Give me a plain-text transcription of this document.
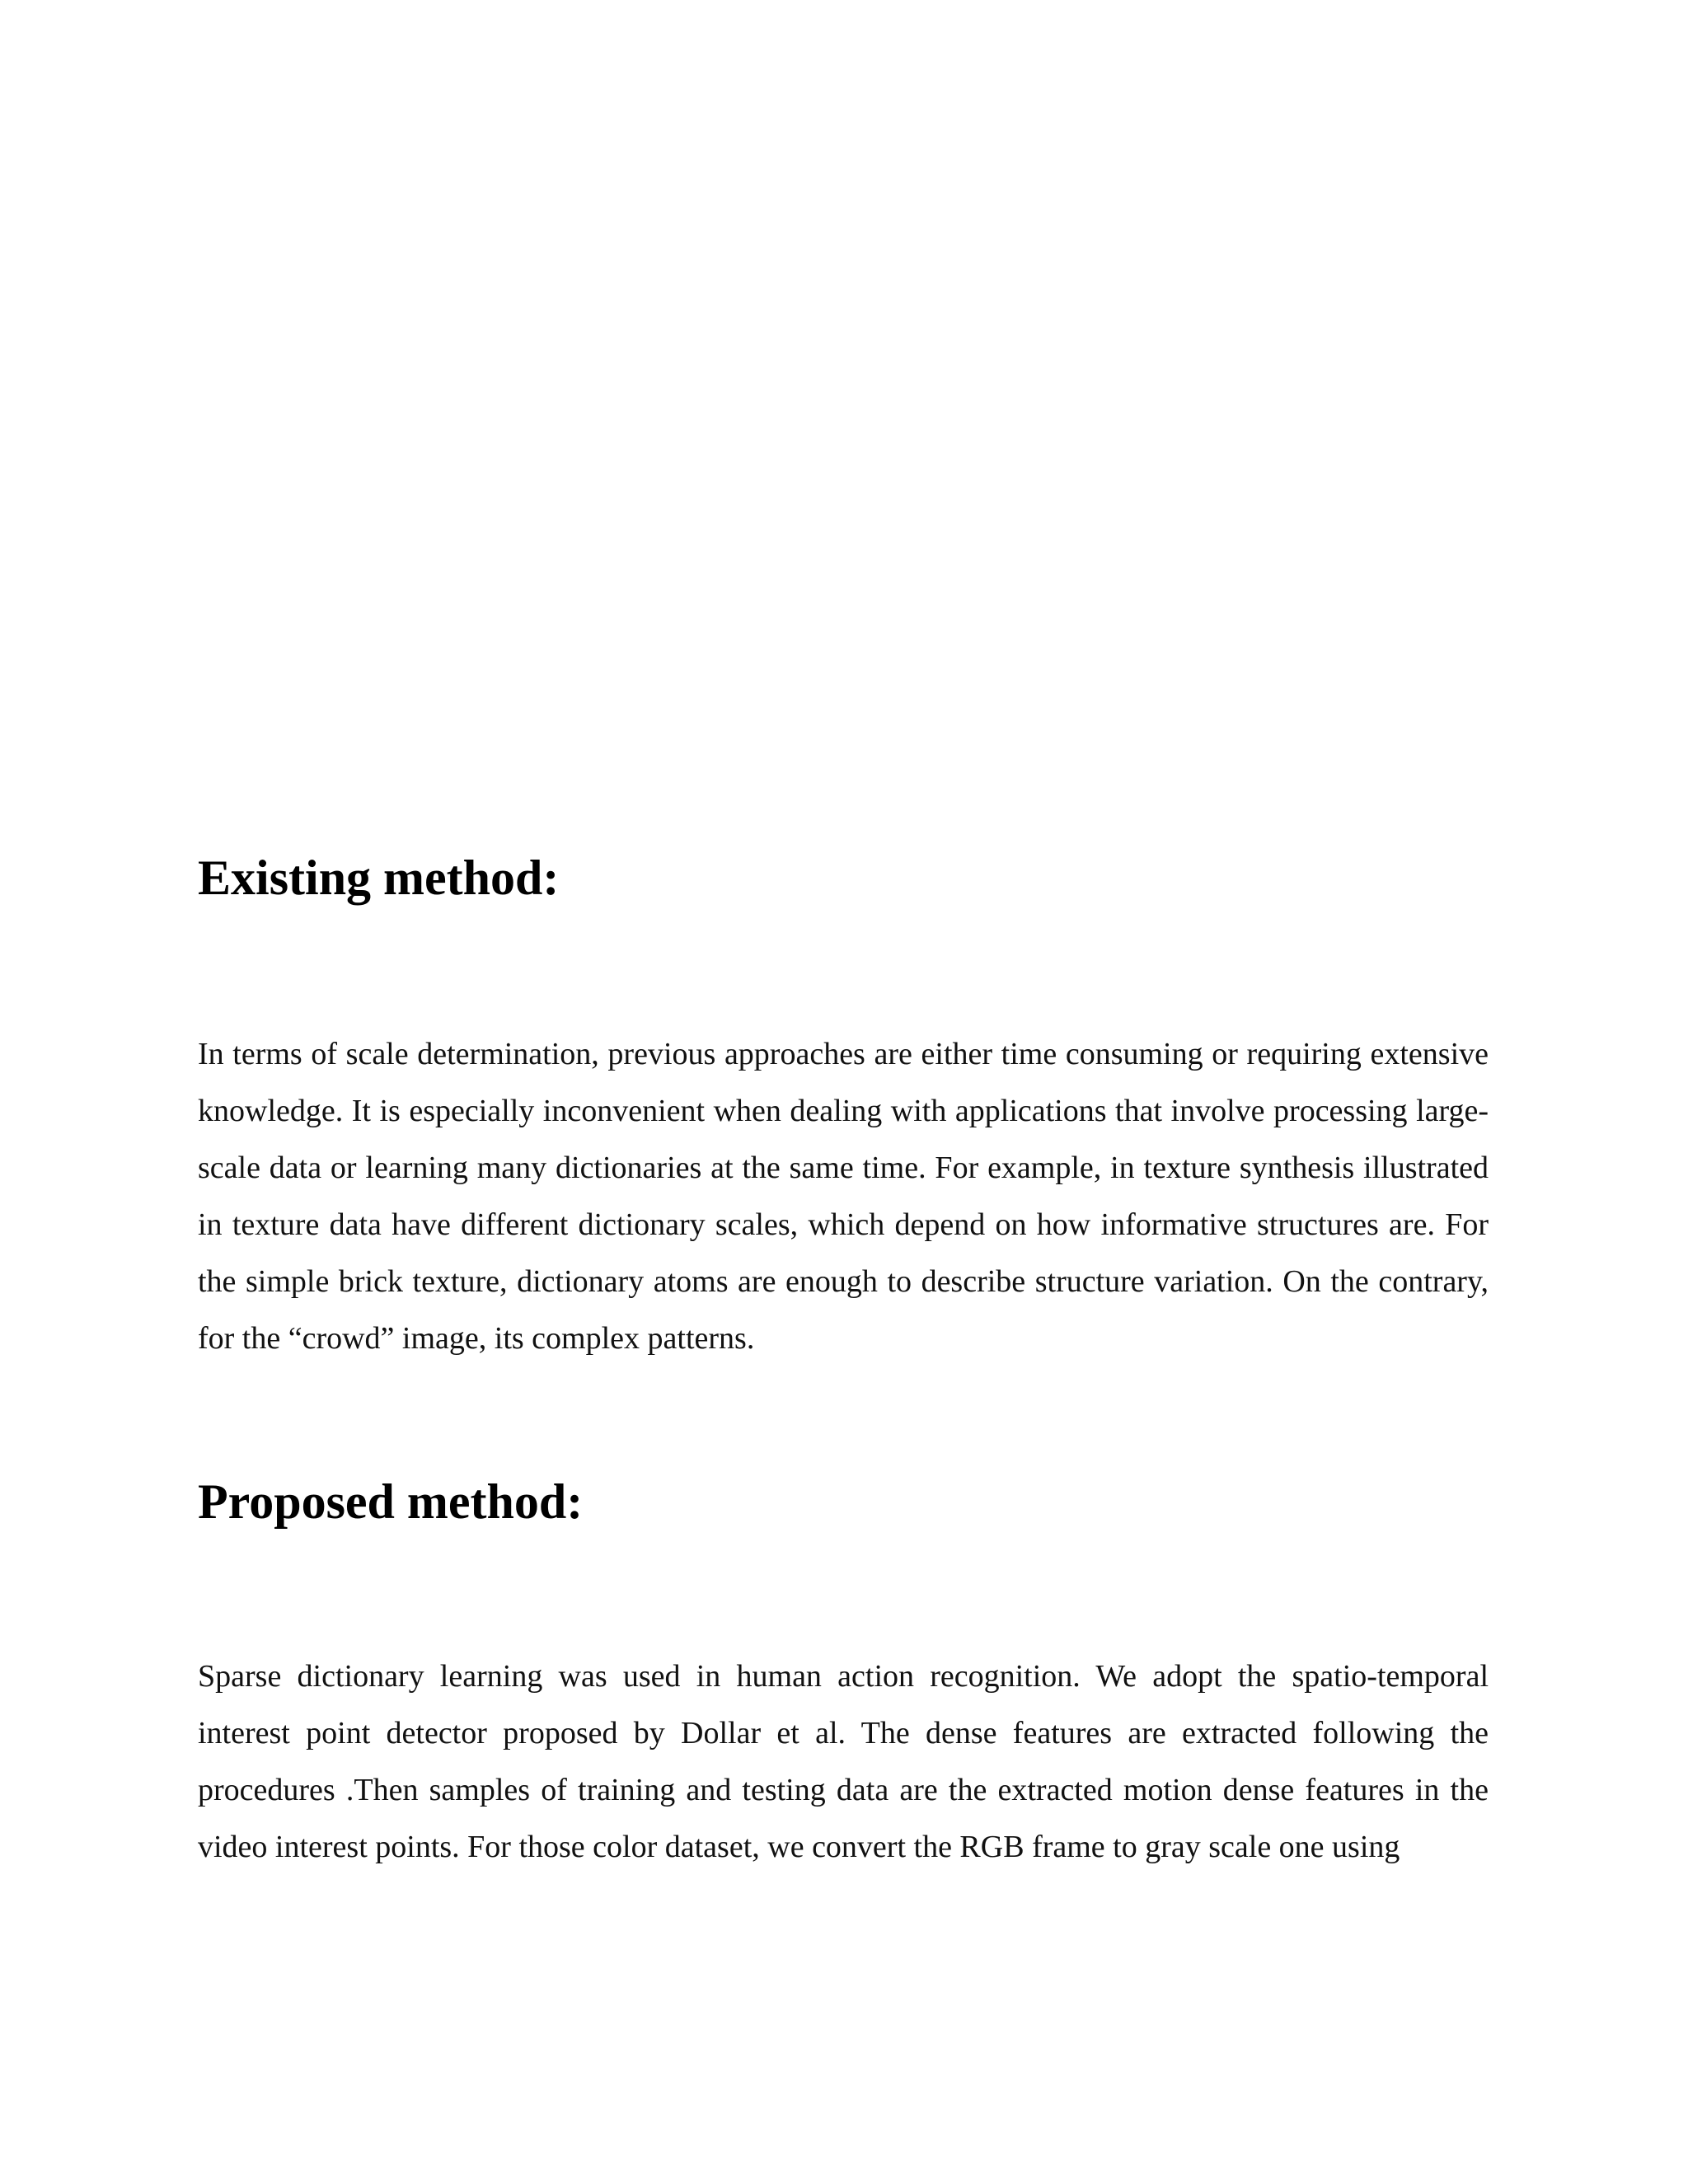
Existing method:

In terms of scale determination, previous approaches are either time consuming or requiring extensive knowledge. It is especially inconvenient when dealing with applications that involve processing large-scale data or learning many dictionaries at the same time. For example, in texture synthesis illustrated in texture data have different dictionary scales, which depend on how informative structures are. For the simple brick texture, dictionary atoms are enough to describe structure variation. On the contrary, for the “crowd” image, its complex patterns.

Proposed method:

Sparse dictionary learning was used in human action recognition. We adopt the spatio-temporal interest point detector proposed by Dollar et al. The dense features are extracted following the procedures .Then samples of training and testing data are the extracted motion dense features in the video interest points. For those color dataset, we convert the RGB frame to gray scale one using
